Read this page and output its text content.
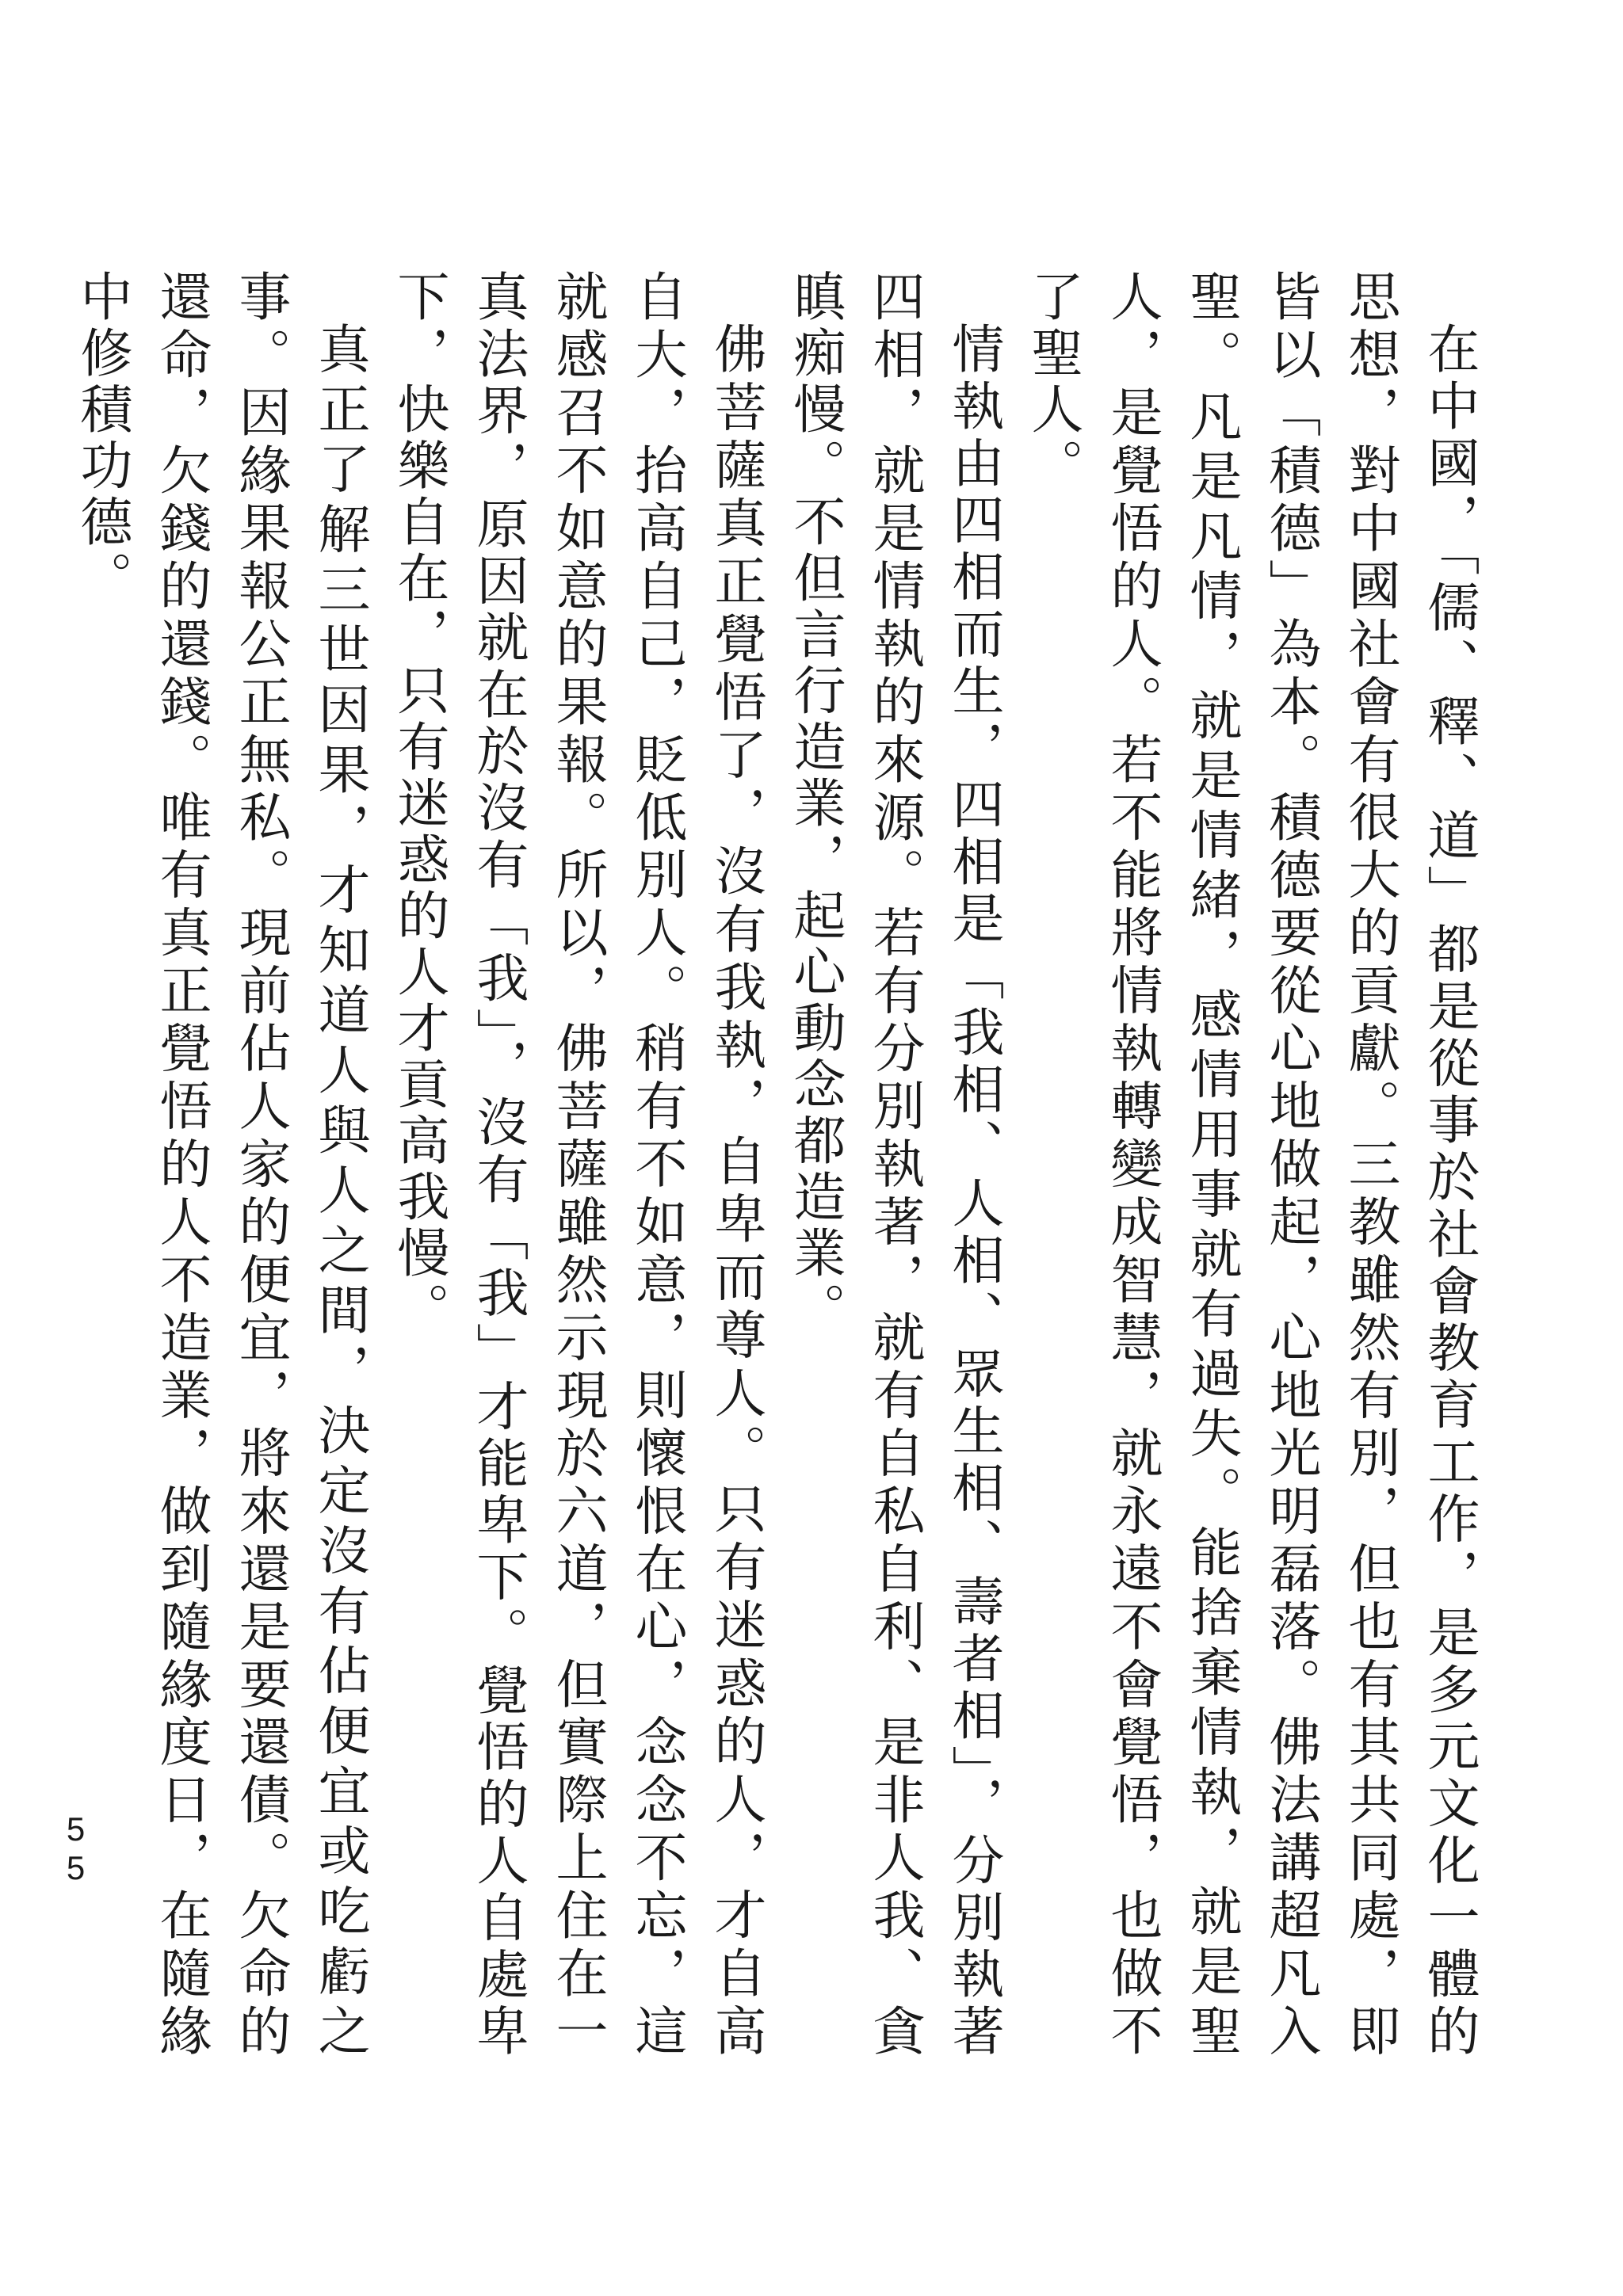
在中國，「儒、釋、道」都是從事於社會教育工作，是多元文化一體的思想，對中國社會有很大的貢獻。三教雖然有別，但也有其共同處，即皆以「積德」為本。積德要從心地做起，心地光明磊落。佛法講超凡入聖。凡是凡情，就是情緒，感情用事就有過失。能捨棄情執，就是聖人，是覺悟的人。若不能將情執轉變成智慧，就永遠不會覺悟，也做不了聖人。

情執由四相而生，四相是「我相、人相、眾生相、壽者相」，分別執著四相，就是情執的來源。若有分別執著，就有自私自利、是非人我、貪瞋痴慢。不但言行造業，起心動念都造業。

佛菩薩真正覺悟了，沒有我執，自卑而尊人。只有迷惑的人，才自高自大，抬高自己，貶低別人。稍有不如意，則懷恨在心，念念不忘，這就感召不如意的果報。所以，佛菩薩雖然示現於六道，但實際上住在一真法界，原因就在於沒有「我」，沒有「我」才能卑下。覺悟的人自處卑下，快樂自在，只有迷惑的人才貢高我慢。

真正了解三世因果，才知道人與人之間，決定沒有佔便宜或吃虧之事。因緣果報公正無私。現前佔人家的便宜，將來還是要還債。欠命的還命，欠錢的還錢。唯有真正覺悟的人不造業，做到隨緣度日，在隨緣中修積功德。

55
